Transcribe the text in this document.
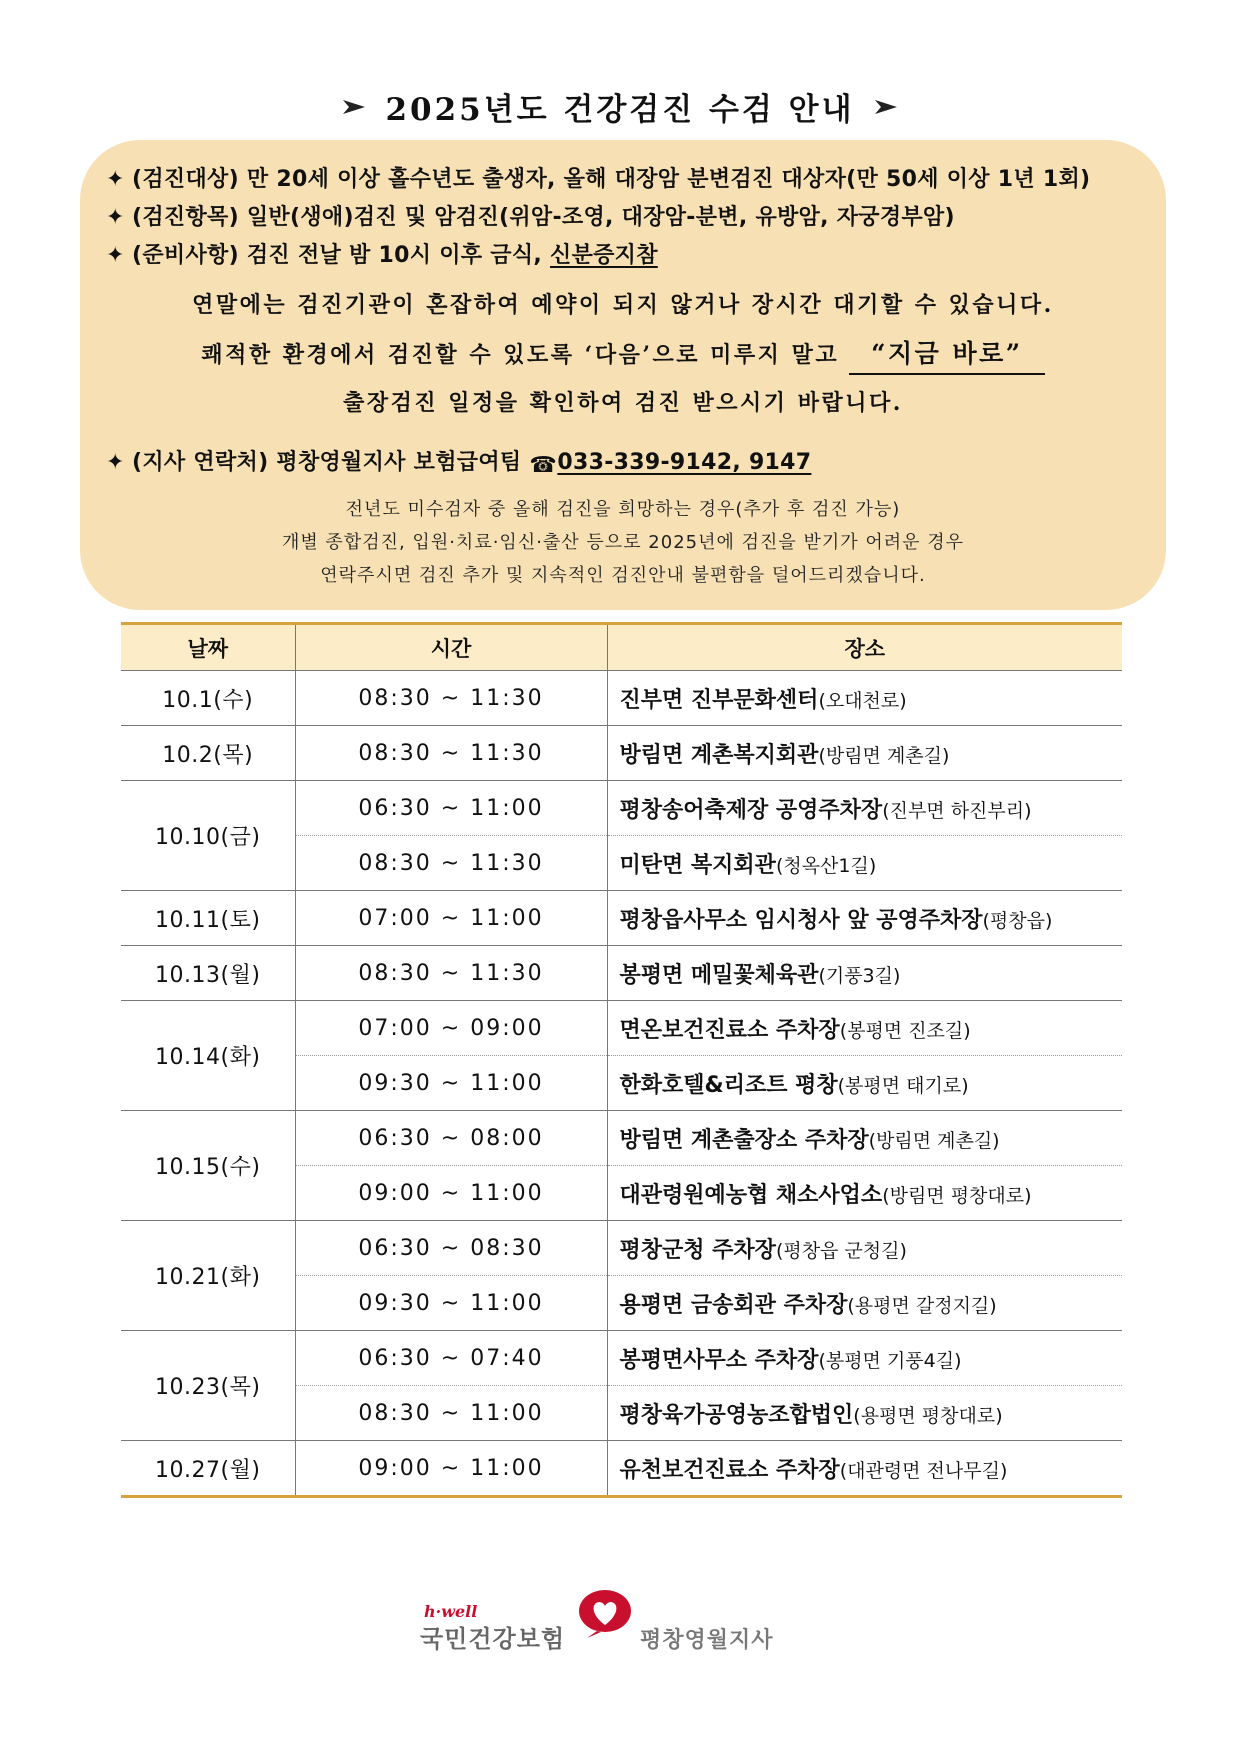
2025년도 건강검진 수검 안내
✦ (검진대상) 만 20세 이상 홀수년도 출생자, 올해 대장암 분변검진 대상자(만 50세 이상 1년 1회)
✦ (검진항목) 일반(생애)검진 및 암검진(위암-조영, 대장암-분변, 유방암, 자궁경부암)
✦ (준비사항) 검진 전날 밤 10시 이후 금식, 신분증지참
연말에는 검진기관이 혼잡하여 예약이 되지 않거나 장시간 대기할 수 있습니다.
쾌적한 환경에서 검진할 수 있도록 ‘다음’으로 미루지 말고 “지금 바로”
출장검진 일정을 확인하여 검진 받으시기 바랍니다.
✦ (지사 연락처) 평창영월지사 보험급여팀 ☎033-339-9142, 9147
전년도 미수검자 중 올해 검진을 희망하는 경우(추가 후 검진 가능)
개별 종합검진, 입원·치료·임신·출산 등으로 2025년에 검진을 받기가 어려운 경우
연락주시면 검진 추가 및 지속적인 검진안내 불편함을 덜어드리겠습니다.
날짜	시간	장소
10.1(수)	08:30 ~ 11:30	진부면 진부문화센터(오대천로)
10.2(목)	08:30 ~ 11:30	방림면 계촌복지회관(방림면 계촌길)
10.10(금)	06:30 ~ 11:00	평창송어축제장 공영주차장(진부면 하진부리)
	08:30 ~ 11:30	미탄면 복지회관(청옥산1길)
10.11(토)	07:00 ~ 11:00	평창읍사무소 임시청사 앞 공영주차장(평창읍)
10.13(월)	08:30 ~ 11:30	봉평면 메밀꽃체육관(기풍3길)
10.14(화)	07:00 ~ 09:00	면온보건진료소 주차장(봉평면 진조길)
	09:30 ~ 11:00	한화호텔&리조트 평창(봉평면 태기로)
10.15(수)	06:30 ~ 08:00	방림면 계촌출장소 주차장(방림면 계촌길)
	09:00 ~ 11:00	대관령원예농협 채소사업소(방림면 평창대로)
10.21(화)	06:30 ~ 08:30	평창군청 주차장(평창읍 군청길)
	09:30 ~ 11:00	용평면 금송회관 주차장(용평면 갈정지길)
10.23(목)	06:30 ~ 07:40	봉평면사무소 주차장(봉평면 기풍4길)
	08:30 ~ 11:00	평창육가공영농조합법인(용평면 평창대로)
10.27(월)	09:00 ~ 11:00	유천보건진료소 주차장(대관령면 전나무길)
h·well
국민건강보험	평창영월지사
